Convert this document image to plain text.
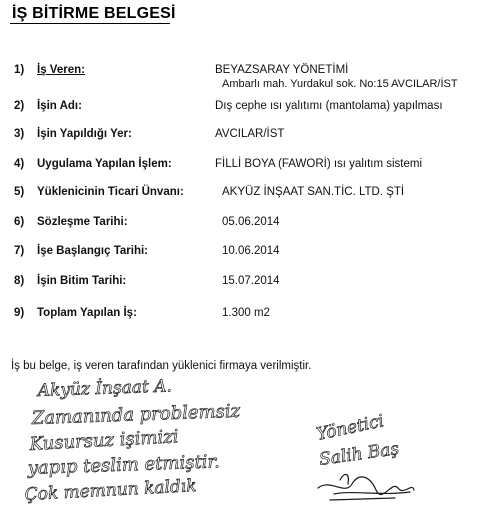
İŞ BİTİRME BELGESİ
1) İş Veren:	BEYAZSARAY YÖNETİMİ
Ambarlı mah. Yurdakul sok. No:15 AVCILAR/İST
2) İşin Adı:	Dış cephe ısı yalıtımı (mantolama) yapılması
3) İşin Yapıldığı Yer:	AVCILAR/İST
4) Uygulama Yapılan İşlem:	FİLLİ BOYA (FAWORİ) ısı yalıtım sistemi
5) Yüklenicinin Ticari Ünvanı:	AKYÜZ İNŞAAT SAN.TİC. LTD. ŞTİ
6) Sözleşme Tarihi:	05.06.2014
7) İşe Başlangıç Tarihi:	10.06.2014
8) İşin Bitim Tarihi:	15.07.2014
9) Toplam Yapılan İş:	1.300 m2
İş bu belge, iş veren tarafından yüklenici firmaya verilmiştir.
Akyüz İnşaat A.
Zamanında problemsiz
Kusursuz işimizi
yapıp teslim etmiştir.
Çok memnun kaldık
Yönetici
Salih Baş
